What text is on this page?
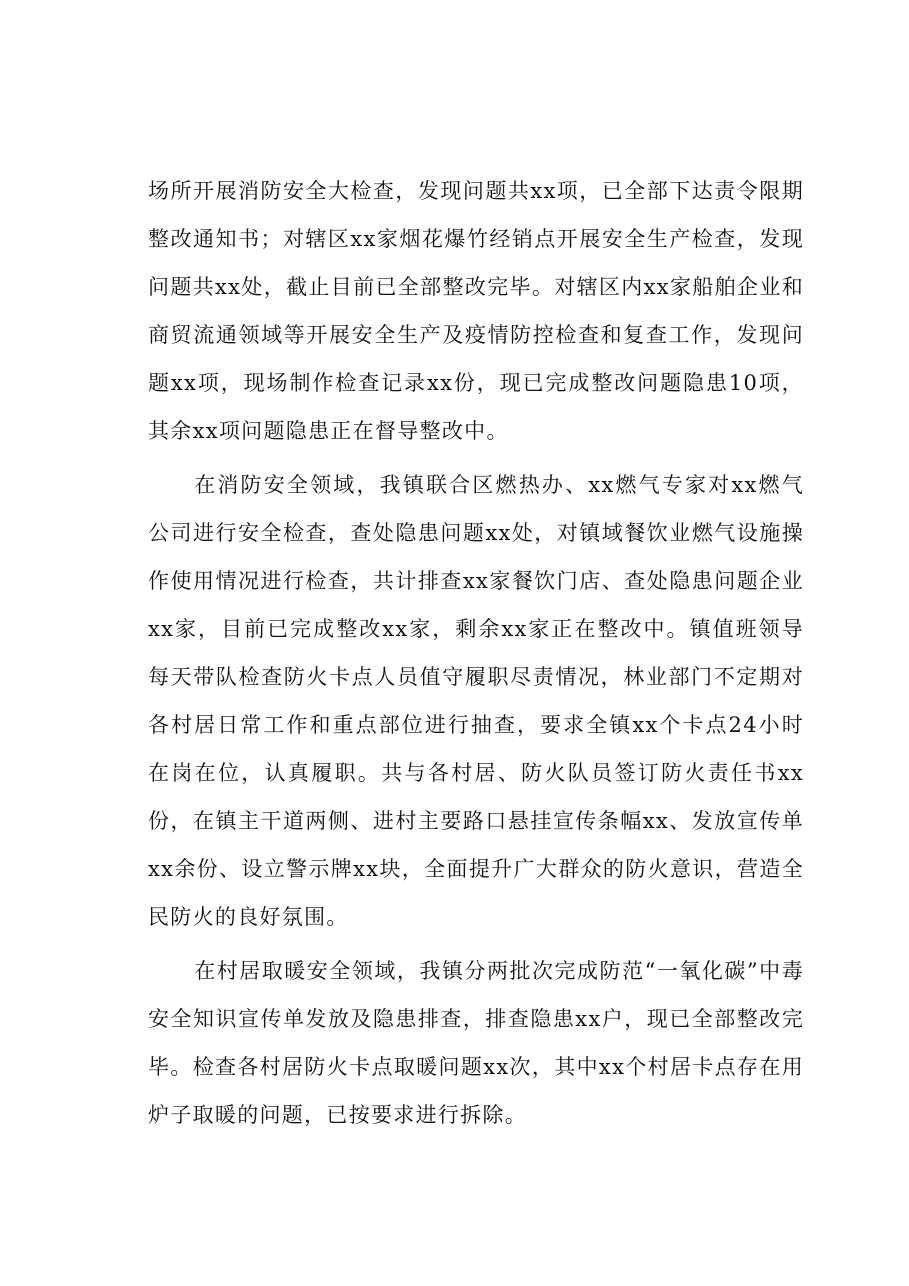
场所开展消防安全大检查，发现问题共xx项，已全部下达责令限期整改通知书；对辖区xx家烟花爆竹经销点开展安全生产检查，发现问题共xx处，截止目前已全部整改完毕。对辖区内xx家船舶企业和商贸流通领域等开展安全生产及疫情防控检查和复查工作，发现问题xx项，现场制作检查记录xx份，现已完成整改问题隐患10项，其余xx项问题隐患正在督导整改中。

在消防安全领域，我镇联合区燃热办、xx燃气专家对xx燃气公司进行安全检查，查处隐患问题xx处，对镇域餐饮业燃气设施操作使用情况进行检查，共计排查xx家餐饮门店、查处隐患问题企业xx家，目前已完成整改xx家，剩余xx家正在整改中。镇值班领导每天带队检查防火卡点人员值守履职尽责情况，林业部门不定期对各村居日常工作和重点部位进行抽查，要求全镇xx个卡点24小时在岗在位，认真履职。共与各村居、防火队员签订防火责任书xx份，在镇主干道两侧、进村主要路口悬挂宣传条幅xx、发放宣传单xx余份、设立警示牌xx块，全面提升广大群众的防火意识，营造全民防火的良好氛围。

在村居取暖安全领域，我镇分两批次完成防范“一氧化碳”中毒安全知识宣传单发放及隐患排查，排查隐患xx户，现已全部整改完毕。检查各村居防火卡点取暖问题xx次，其中xx个村居卡点存在用炉子取暖的问题，已按要求进行拆除。
